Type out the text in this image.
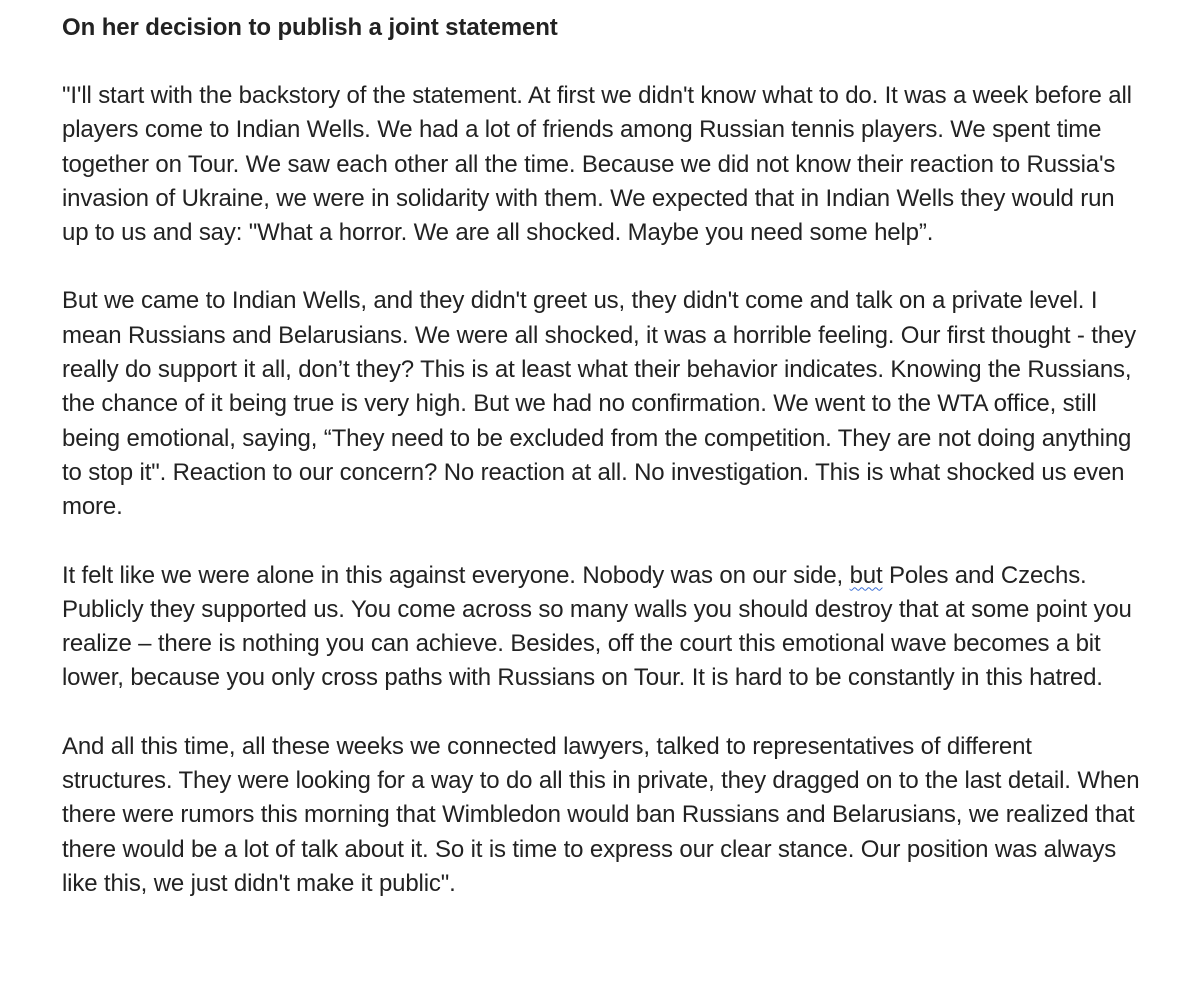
On her decision to publish a joint statement

"I'll start with the backstory of the statement. At first we didn't know what to do. It was a week before all players come to Indian Wells. We had a lot of friends among Russian tennis players. We spent time together on Tour. We saw each other all the time. Because we did not know their reaction to Russia's invasion of Ukraine, we were in solidarity with them. We expected that in Indian Wells they would run up to us and say: "What a horror. We are all shocked. Maybe you need some help”.

But we came to Indian Wells, and they didn't greet us, they didn't come and talk on a private level. I mean Russians and Belarusians. We were all shocked, it was a horrible feeling. Our first thought - they really do support it all, don’t they? This is at least what their behavior indicates. Knowing the Russians, the chance of it being true is very high. But we had no confirmation. We went to the WTA office, still being emotional, saying, “They need to be excluded from the competition. They are not doing anything to stop it". Reaction to our concern? No reaction at all. No investigation. This is what shocked us even more.

It felt like we were alone in this against everyone. Nobody was on our side, but Poles and Czechs. Publicly they supported us. You come across so many walls you should destroy that at some point you realize – there is nothing you can achieve. Besides, off the court this emotional wave becomes a bit lower, because you only cross paths with Russians on Tour. It is hard to be constantly in this hatred.

And all this time, all these weeks we connected lawyers, talked to representatives of different structures. They were looking for a way to do all this in private, they dragged on to the last detail. When there were rumors this morning that Wimbledon would ban Russians and Belarusians, we realized that there would be a lot of talk about it. So it is time to express our clear stance. Our position was always like this, we just didn't make it public".
